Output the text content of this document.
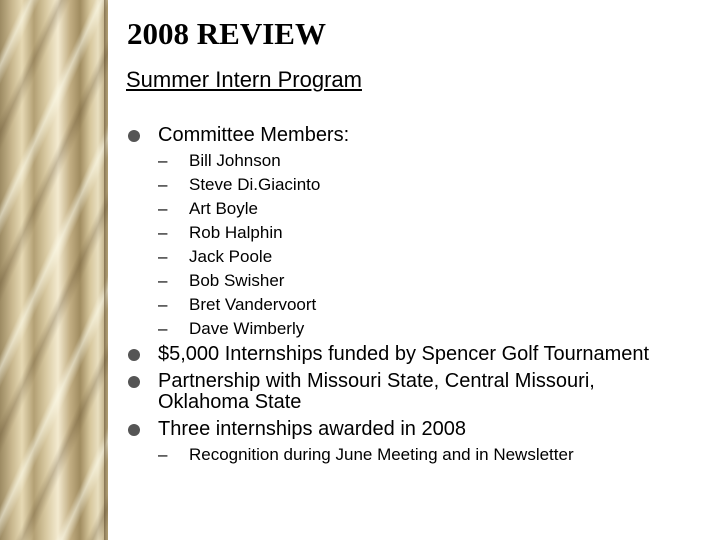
2008 REVIEW
Summer Intern Program
Committee Members:
– Bill Johnson
– Steve Di.Giacinto
– Art Boyle
– Rob Halphin
– Jack Poole
– Bob Swisher
– Bret Vandervoort
– Dave Wimberly
$5,000 Internships funded by Spencer Golf Tournament
Partnership with Missouri State, Central Missouri,
Oklahoma State
Three internships awarded in 2008
– Recognition during June Meeting and in Newsletter
